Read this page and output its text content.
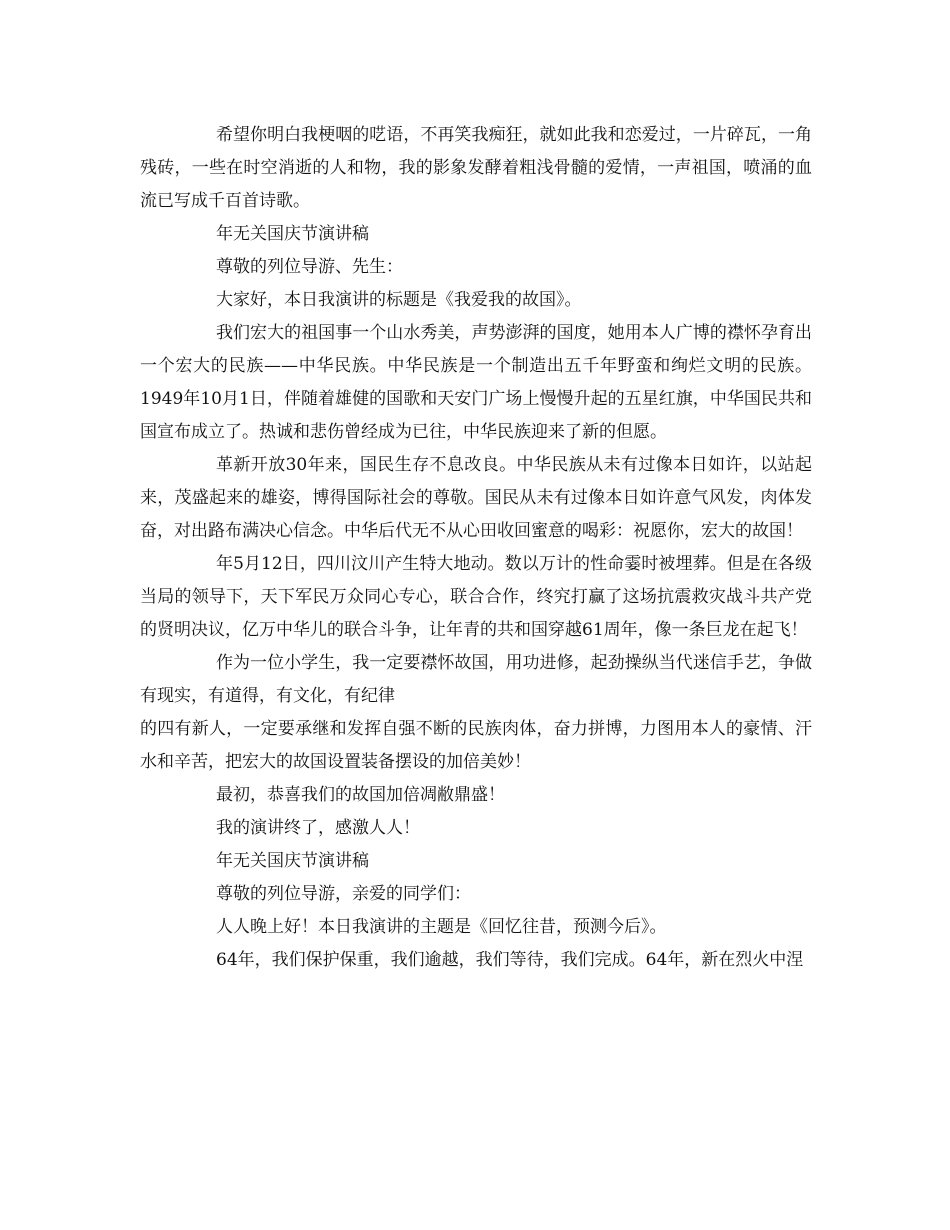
希望你明白我梗咽的呓语，不再笑我痴狂，就如此我和恋爱过，一片碎瓦，一角残砖，一些在时空消逝的人和物，我的影象发酵着粗浅骨髓的爱情，一声祖国，喷涌的血流已写成千百首诗歌。

年无关国庆节演讲稿

尊敬的列位导游、先生：

大家好，本日我演讲的标题是《我爱我的故国》。

我们宏大的祖国事一个山水秀美，声势澎湃的国度，她用本人广博的襟怀孕育出一个宏大的民族——中华民族。中华民族是一个制造出五千年野蛮和绚烂文明的民族。1949年10月1日，伴随着雄健的国歌和天安门广场上慢慢升起的五星红旗，中华国民共和国宣布成立了。热诚和悲伤曾经成为已往，中华民族迎来了新的但愿。

革新开放30年来，国民生存不息改良。中华民族从未有过像本日如许，以站起来，茂盛起来的雄姿，博得国际社会的尊敬。国民从未有过像本日如许意气风发，肉体发奋，对出路布满决心信念。中华后代无不从心田收回蜜意的喝彩：祝愿你，宏大的故国！

年5月12日，四川汶川产生特大地动。数以万计的性命霎时被埋葬。但是在各级当局的领导下，天下军民万众同心专心，联合合作，终究打赢了这场抗震救灾战斗共产党的贤明决议，亿万中华儿的联合斗争，让年青的共和国穿越61周年，像一条巨龙在起飞！

作为一位小学生，我一定要襟怀故国，用功进修，起劲操纵当代迷信手艺，争做有现实，有道得，有文化，有纪律

的四有新人，一定要承继和发挥自强不断的民族肉体，奋力拼博，力图用本人的豪情、汗水和辛苦，把宏大的故国设置装备摆设的加倍美妙！

最初，恭喜我们的故国加倍凋敝鼎盛！

我的演讲终了，感激人人！

年无关国庆节演讲稿

尊敬的列位导游，亲爱的同学们：

人人晚上好！本日我演讲的主题是《回忆往昔，预测今后》。

64年，我们保护保重，我们逾越，我们等待，我们完成。64年，新在烈火中涅
